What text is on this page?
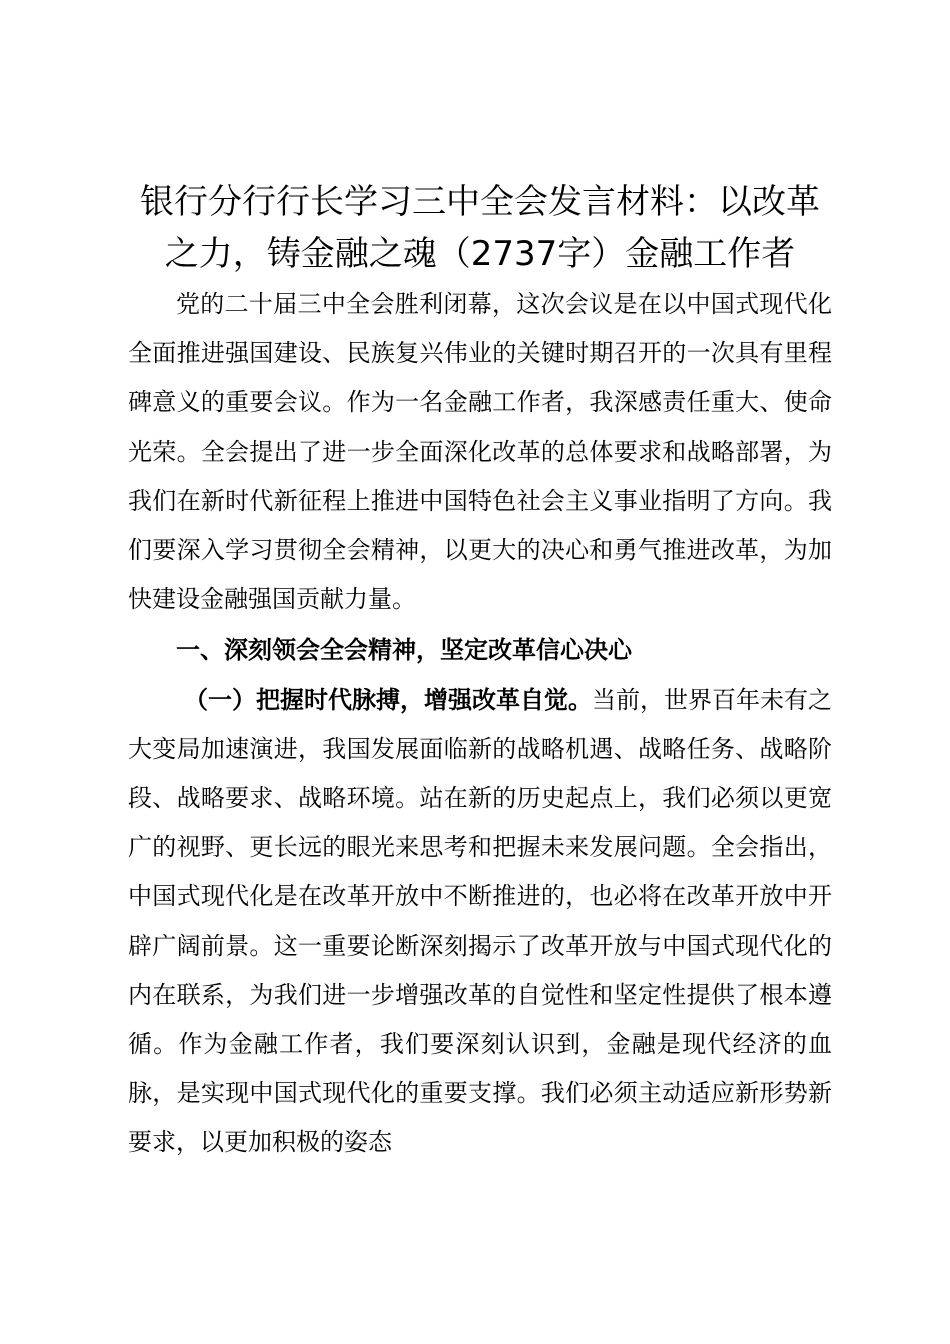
银行分行行长学习三中全会发言材料：以改革
之力，铸金融之魂（2737字）金融工作者

党的二十届三中全会胜利闭幕，这次会议是在以中国式现代化全面推进强国建设、民族复兴伟业的关键时期召开的一次具有里程碑意义的重要会议。作为一名金融工作者，我深感责任重大、使命光荣。全会提出了进一步全面深化改革的总体要求和战略部署，为我们在新时代新征程上推进中国特色社会主义事业指明了方向。我们要深入学习贯彻全会精神，以更大的决心和勇气推进改革，为加快建设金融强国贡献力量。

一、深刻领会全会精神，坚定改革信心决心

（一）把握时代脉搏，增强改革自觉。当前，世界百年未有之大变局加速演进，我国发展面临新的战略机遇、战略任务、战略阶段、战略要求、战略环境。站在新的历史起点上，我们必须以更宽广的视野、更长远的眼光来思考和把握未来发展问题。全会指出，中国式现代化是在改革开放中不断推进的，也必将在改革开放中开辟广阔前景。这一重要论断深刻揭示了改革开放与中国式现代化的内在联系，为我们进一步增强改革的自觉性和坚定性提供了根本遵循。作为金融工作者，我们要深刻认识到，金融是现代经济的血脉，是实现中国式现代化的重要支撑。我们必须主动适应新形势新要求，以更加积极的姿态
